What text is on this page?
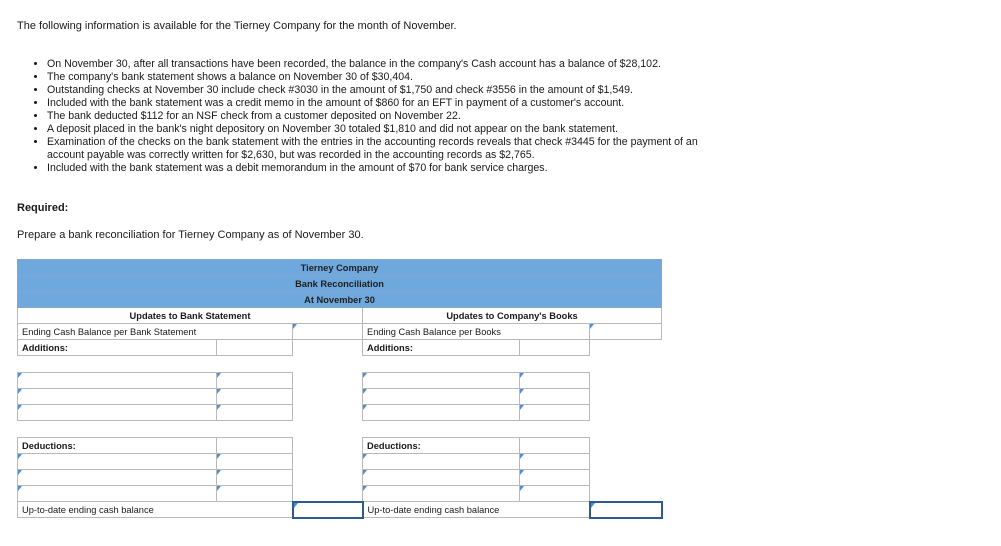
The following information is available for the Tierney Company for the month of November.
• On November 30, after all transactions have been recorded, the balance in the company's Cash account has a balance of $28,102.
• The company's bank statement shows a balance on November 30 of $30,404.
• Outstanding checks at November 30 include check #3030 in the amount of $1,750 and check #3556 in the amount of $1,549.
• Included with the bank statement was a credit memo in the amount of $860 for an EFT in payment of a customer's account.
• The bank deducted $112 for an NSF check from a customer deposited on November 22.
• A deposit placed in the bank's night depository on November 30 totaled $1,810 and did not appear on the bank statement.
• Examination of the checks on the bank statement with the entries in the accounting records reveals that check #3445 for the payment of an account payable was correctly written for $2,630, but was recorded in the accounting records as $2,765.
• Included with the bank statement was a debit memorandum in the amount of $70 for bank service charges.
Required:
Prepare a bank reconciliation for Tierney Company as of November 30.
Tierney Company					
Bank Reconciliation					
At November 30					
Updates to Bank Statement			Updates to Company's Books		
Ending Cash Balance per Bank Statement			Ending Cash Balance per Books	
Additions:			Additions:		

Deductions:			Deductions:		

Up-to-date ending cash balance			Up-to-date ending cash balance	
